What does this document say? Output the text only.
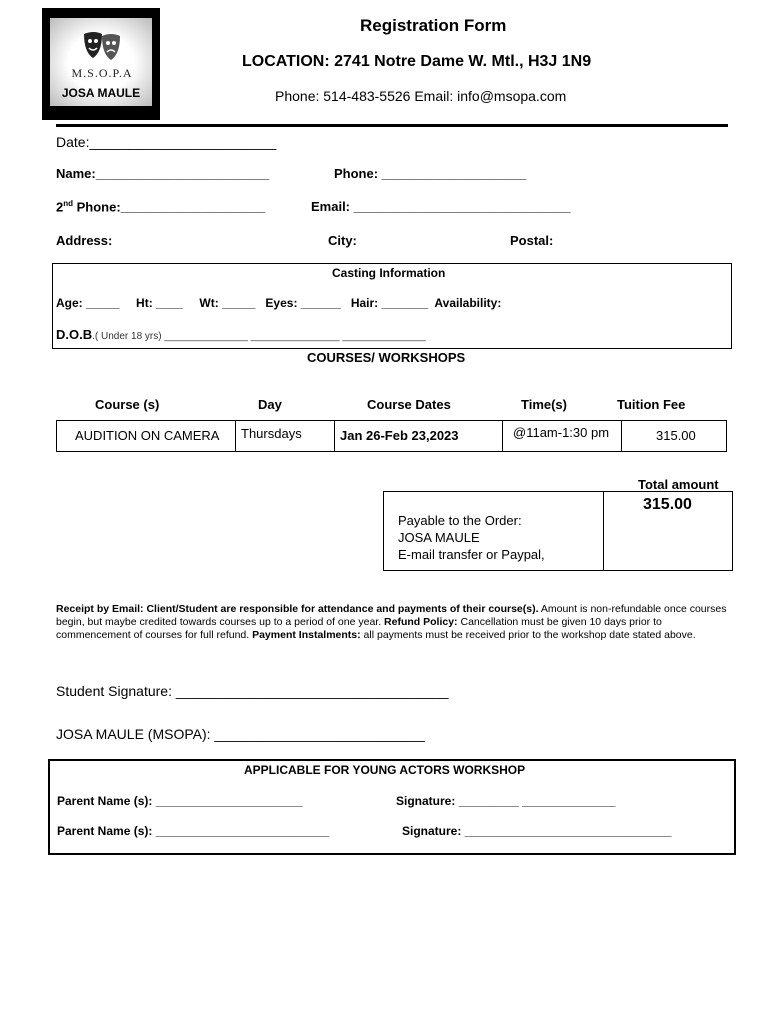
M.S.O.P.A
JOSA MAULE
Registration Form
LOCATION: 2741 Notre Dame W. Mtl., H3J 1N9
Phone: 514-483-5526 Email: info@msopa.com
Date:________________________
Name:________________________	Phone: ____________________
2nd Phone:____________________	Email: ______________________________
Address:	City:	Postal:
Casting Information
Age: _____     Ht: ____     Wt: _____   Eyes: ______   Hair: _______  Availability:
D.O.B.( Under 18 yrs) _______________ ________________ _______________
COURSES/ WORKSHOPS
Course (s)	Day	Course Dates	Time(s)	Tuition Fee
AUDITION ON CAMERA	Thursdays	Jan 26-Feb 23,2023	@11am-1:30 pm	315.00
Total amount
315.00
Payable to the Order:
JOSA MAULE
E-mail transfer or Paypal,
Receipt by Email: Client/Student are responsible for attendance and payments of their course(s). Amount is non-refundable once courses begin, but maybe credited towards courses up to a period of one year. Refund Policy: Cancellation must be given 10 days prior to commencement of courses for full refund. Payment Instalments: all payments must be received prior to the workshop date stated above.
Student Signature: ___________________________________
JOSA MAULE (MSOPA): ___________________________
APPLICABLE FOR YOUNG ACTORS WORKSHOP
Parent Name (s): ______________________	Signature: _________ ______________
Parent Name (s): __________________________	Signature: _______________________________
